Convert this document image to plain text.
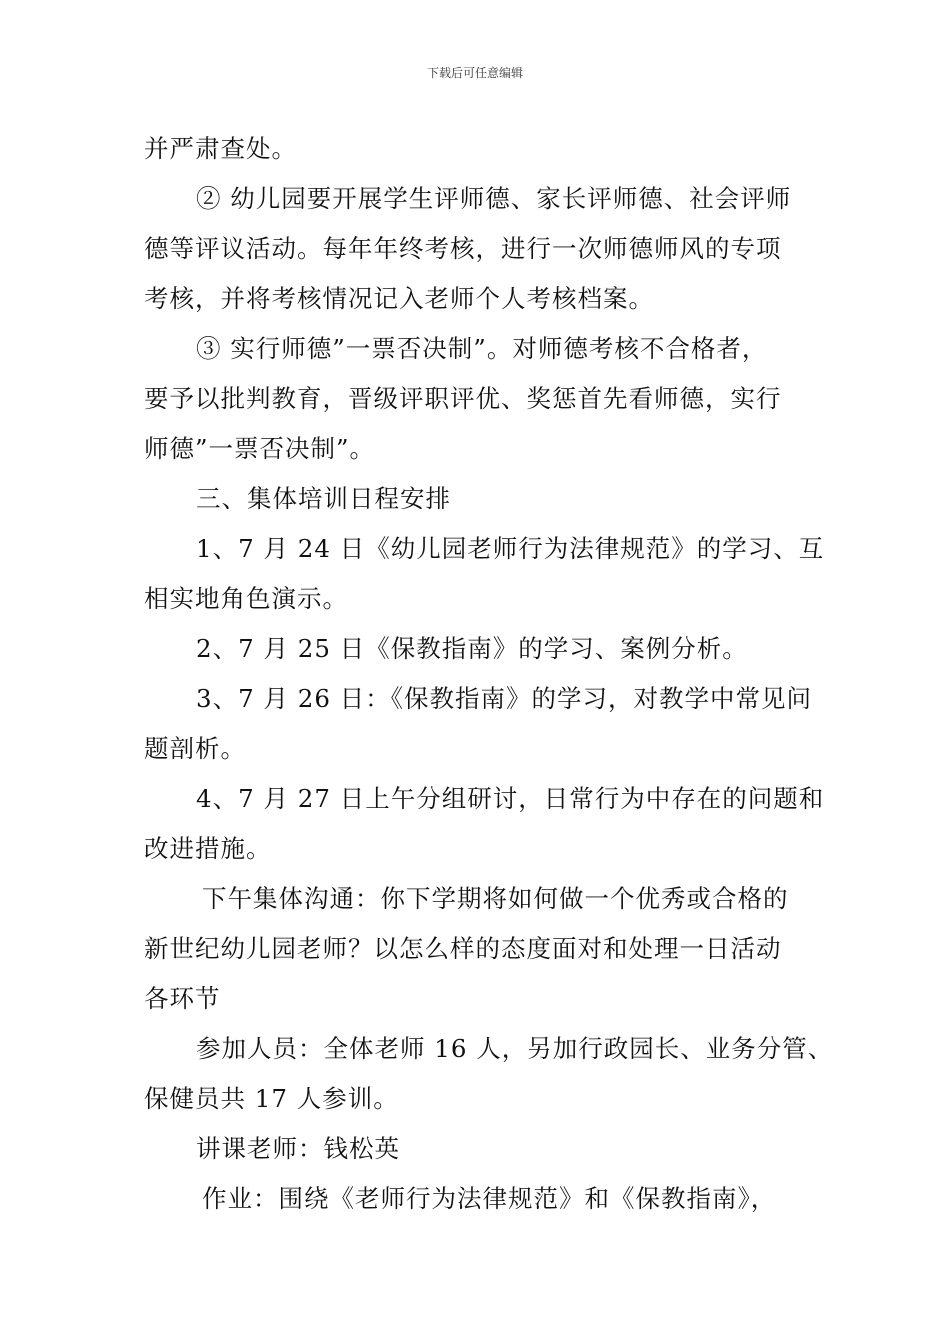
下载后可任意编辑
并严肃查处。
② 幼儿园要开展学生评师德、家长评师德、社会评师
德等评议活动。每年年终考核，进行一次师德师风的专项
考核，并将考核情况记入老师个人考核档案。
③ 实行师德”一票否决制”。对师德考核不合格者，
要予以批判教育，晋级评职评优、奖惩首先看师德，实行
师德”一票否决制”。
三、集体培训日程安排
1、7 月 24 日《幼儿园老师行为法律规范》的学习、互
相实地角色演示。
2、7 月 25 日《保教指南》的学习、案例分析。
3、7 月 26 日：《保教指南》的学习，对教学中常见问
题剖析。
4、7 月 27 日上午分组研讨，日常行为中存在的问题和
改进措施。
下午集体沟通：你下学期将如何做一个优秀或合格的
新世纪幼儿园老师？以怎么样的态度面对和处理一日活动
各环节
参加人员：全体老师 16 人，另加行政园长、业务分管、
保健员共 17 人参训。
讲课老师：钱松英
作业：围绕《老师行为法律规范》和《保教指南》，
